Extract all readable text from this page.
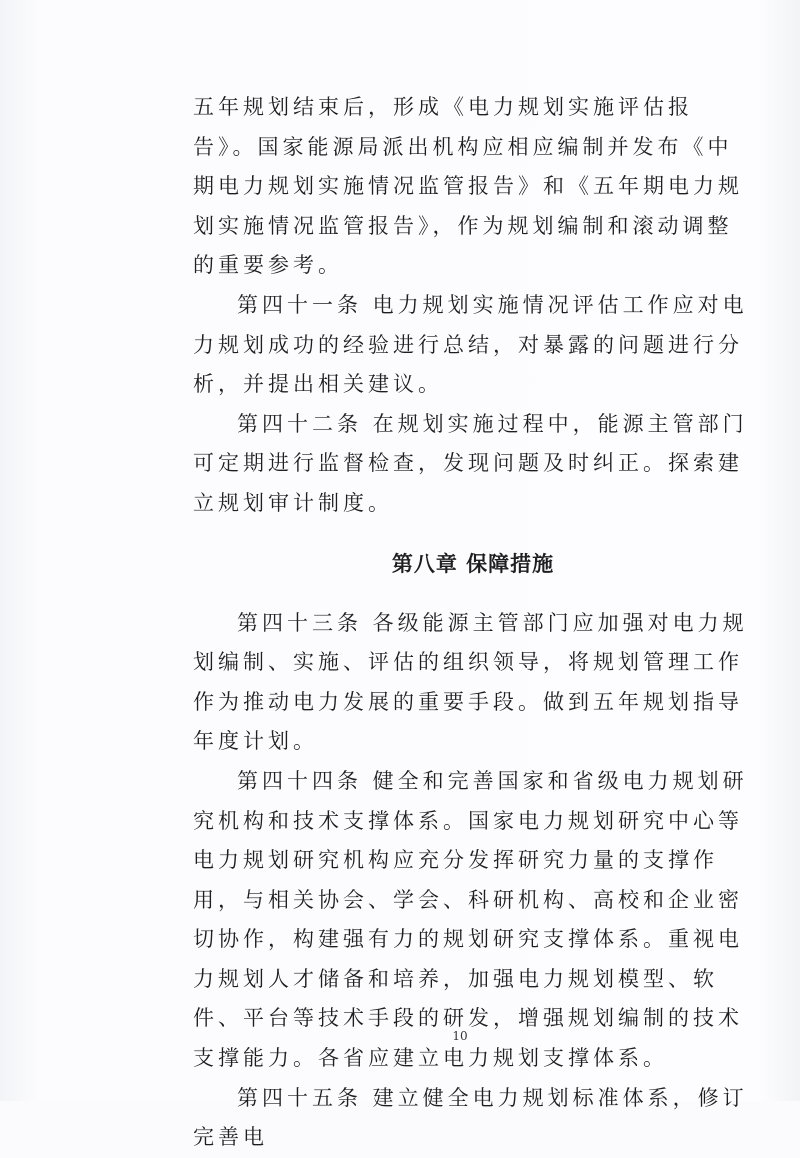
五年规划结束后，形成《电力规划实施评估报告》。国家能源局派出机构应相应编制并发布《中期电力规划实施情况监管报告》和《五年期电力规划实施情况监管报告》，作为规划编制和滚动调整的重要参考。

第四十一条 电力规划实施情况评估工作应对电力规划成功的经验进行总结，对暴露的问题进行分析，并提出相关建议。

第四十二条 在规划实施过程中，能源主管部门可定期进行监督检查，发现问题及时纠正。探索建立规划审计制度。

第八章 保障措施

第四十三条 各级能源主管部门应加强对电力规划编制、实施、评估的组织领导，将规划管理工作作为推动电力发展的重要手段。做到五年规划指导年度计划。

第四十四条 健全和完善国家和省级电力规划研究机构和技术支撑体系。国家电力规划研究中心等电力规划研究机构应充分发挥研究力量的支撑作用，与相关协会、学会、科研机构、高校和企业密切协作，构建强有力的规划研究支撑体系。重视电力规划人才储备和培养，加强电力规划模型、软件、平台等技术手段的研发，增强规划编制的技术支撑能力。各省应建立电力规划支撑体系。

第四十五条 建立健全电力规划标准体系，修订完善电

10
